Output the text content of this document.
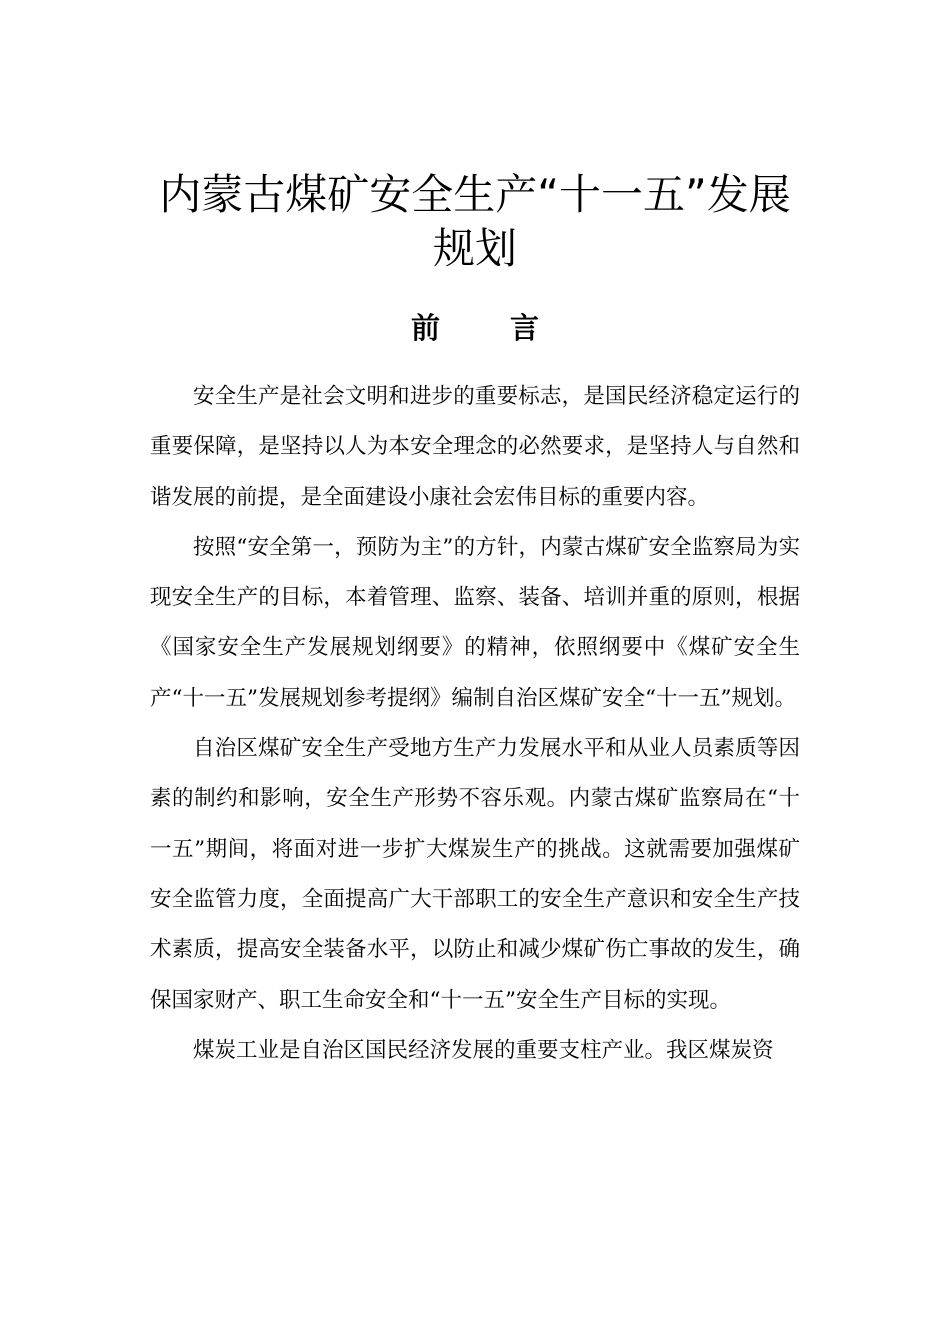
内蒙古煤矿安全生产“十一五”发展规划
前 言

安全生产是社会文明和进步的重要标志，是国民经济稳定运行的重要保障，是坚持以人为本安全理念的必然要求，是坚持人与自然和谐发展的前提，是全面建设小康社会宏伟目标的重要内容。

按照“安全第一，预防为主”的方针，内蒙古煤矿安全监察局为实现安全生产的目标，本着管理、监察、装备、培训并重的原则，根据《国家安全生产发展规划纲要》的精神，依照纲要中《煤矿安全生产“十一五”发展规划参考提纲》编制自治区煤矿安全“十一五”规划。

自治区煤矿安全生产受地方生产力发展水平和从业人员素质等因素的制约和影响，安全生产形势不容乐观。内蒙古煤矿监察局在“十一五”期间，将面对进一步扩大煤炭生产的挑战。这就需要加强煤矿安全监管力度，全面提高广大干部职工的安全生产意识和安全生产技术素质，提高安全装备水平，以防止和减少煤矿伤亡事故的发生，确保国家财产、职工生命安全和“十一五”安全生产目标的实现。

煤炭工业是自治区国民经济发展的重要支柱产业。我区煤炭资
